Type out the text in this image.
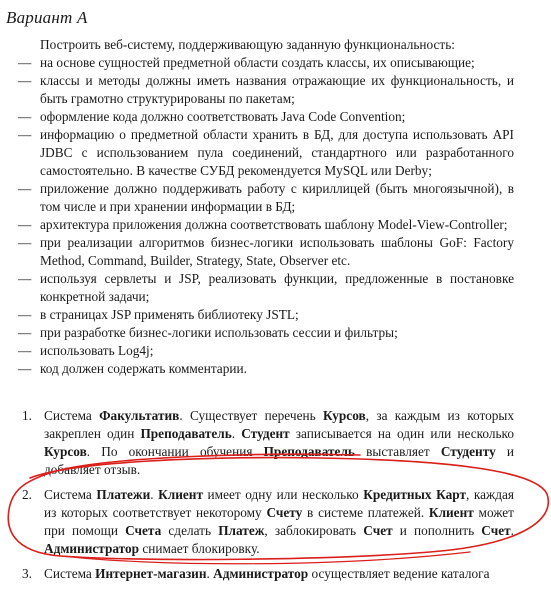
Вариант А
Построить веб-систему, поддерживающую заданную функциональность:
— на основе сущностей предметной области создать классы, их описывающие;
— классы и методы должны иметь названия отражающие их функциональность, и быть грамотно структурированы по пакетам;
— оформление кода должно соответствовать Java Code Convention;
— информацию о предметной области хранить в БД, для доступа использовать API JDBC с использованием пула соединений, стандартного или разработанного самостоятельно. В качестве СУБД рекомендуется MySQL или Derby;
— приложение должно поддерживать работу с кириллицей (быть многоязычной), в том числе и при хранении информации в БД;
— архитектура приложения должна соответствовать шаблону Model-View-Controller;
— при реализации алгоритмов бизнес-логики использовать шаблоны GoF: Factory Method, Command, Builder, Strategy, State, Observer etc.
— используя сервлеты и JSP, реализовать функции, предложенные в постановке конкретной задачи;
— в страницах JSP применять библиотеку JSTL;
— при разработке бизнес-логики использовать сессии и фильтры;
— использовать Log4j;
— код должен содержать комментарии.
1. Система Факультатив. Существует перечень Курсов, за каждым из которых закреплен один Преподаватель. Студент записывается на один или несколько Курсов. По окончании обучения Преподаватель выставляет Студенту и добавляет отзыв.
2. Система Платежи. Клиент имеет одну или несколько Кредитных Карт, каждая из которых соответствует некоторому Счету в системе платежей. Клиент может при помощи Счета сделать Платеж, заблокировать Счет и пополнить Счет. Администратор снимает блокировку.
3. Система Интернет-магазин. Администратор осуществляет ведение каталога
